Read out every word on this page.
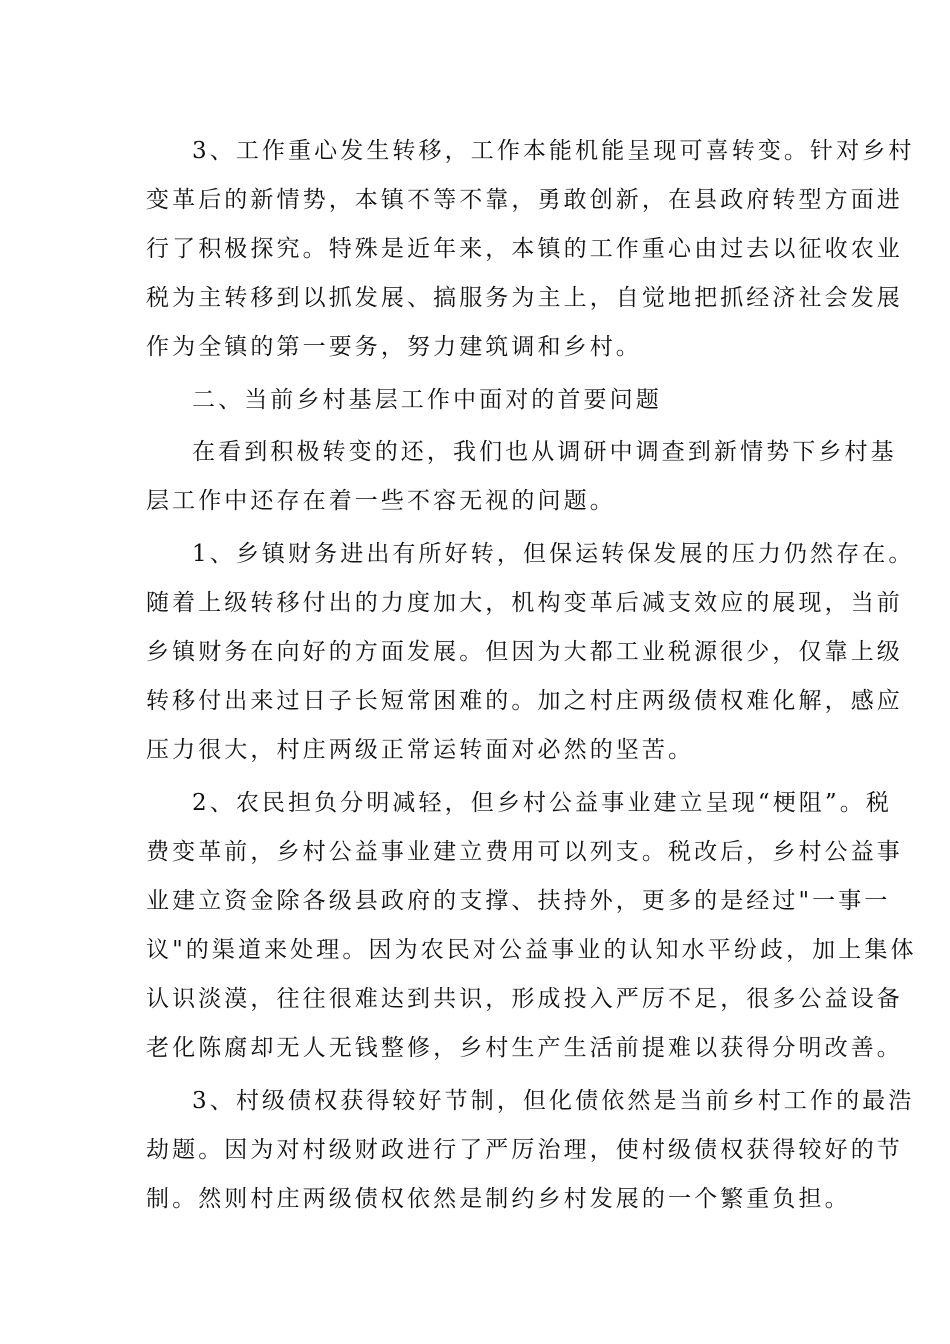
3、工作重心发生转移，工作本能机能呈现可喜转变。针对乡村
变革后的新情势，本镇不等不靠，勇敢创新，在县政府转型方面进
行了积极探究。特殊是近年来，本镇的工作重心由过去以征收农业
税为主转移到以抓发展、搞服务为主上，自觉地把抓经济社会发展
作为全镇的第一要务，努力建筑调和乡村。
二、当前乡村基层工作中面对的首要问题
在看到积极转变的还，我们也从调研中调查到新情势下乡村基
层工作中还存在着一些不容无视的问题。
1、乡镇财务进出有所好转，但保运转保发展的压力仍然存在。
随着上级转移付出的力度加大，机构变革后减支效应的展现，当前
乡镇财务在向好的方面发展。但因为大都工业税源很少，仅靠上级
转移付出来过日子长短常困难的。加之村庄两级债权难化解，感应
压力很大，村庄两级正常运转面对必然的坚苦。
2、农民担负分明减轻，但乡村公益事业建立呈现“梗阻”。税
费变革前，乡村公益事业建立费用可以列支。税改后，乡村公益事
业建立资金除各级县政府的支撑、扶持外，更多的是经过"一事一
议"的渠道来处理。因为农民对公益事业的认知水平纷歧，加上集体
认识淡漠，往往很难达到共识，形成投入严厉不足，很多公益设备
老化陈腐却无人无钱整修，乡村生产生活前提难以获得分明改善。
3、村级债权获得较好节制，但化债依然是当前乡村工作的最浩
劫题。因为对村级财政进行了严厉治理，使村级债权获得较好的节
制。然则村庄两级债权依然是制约乡村发展的一个繁重负担。
